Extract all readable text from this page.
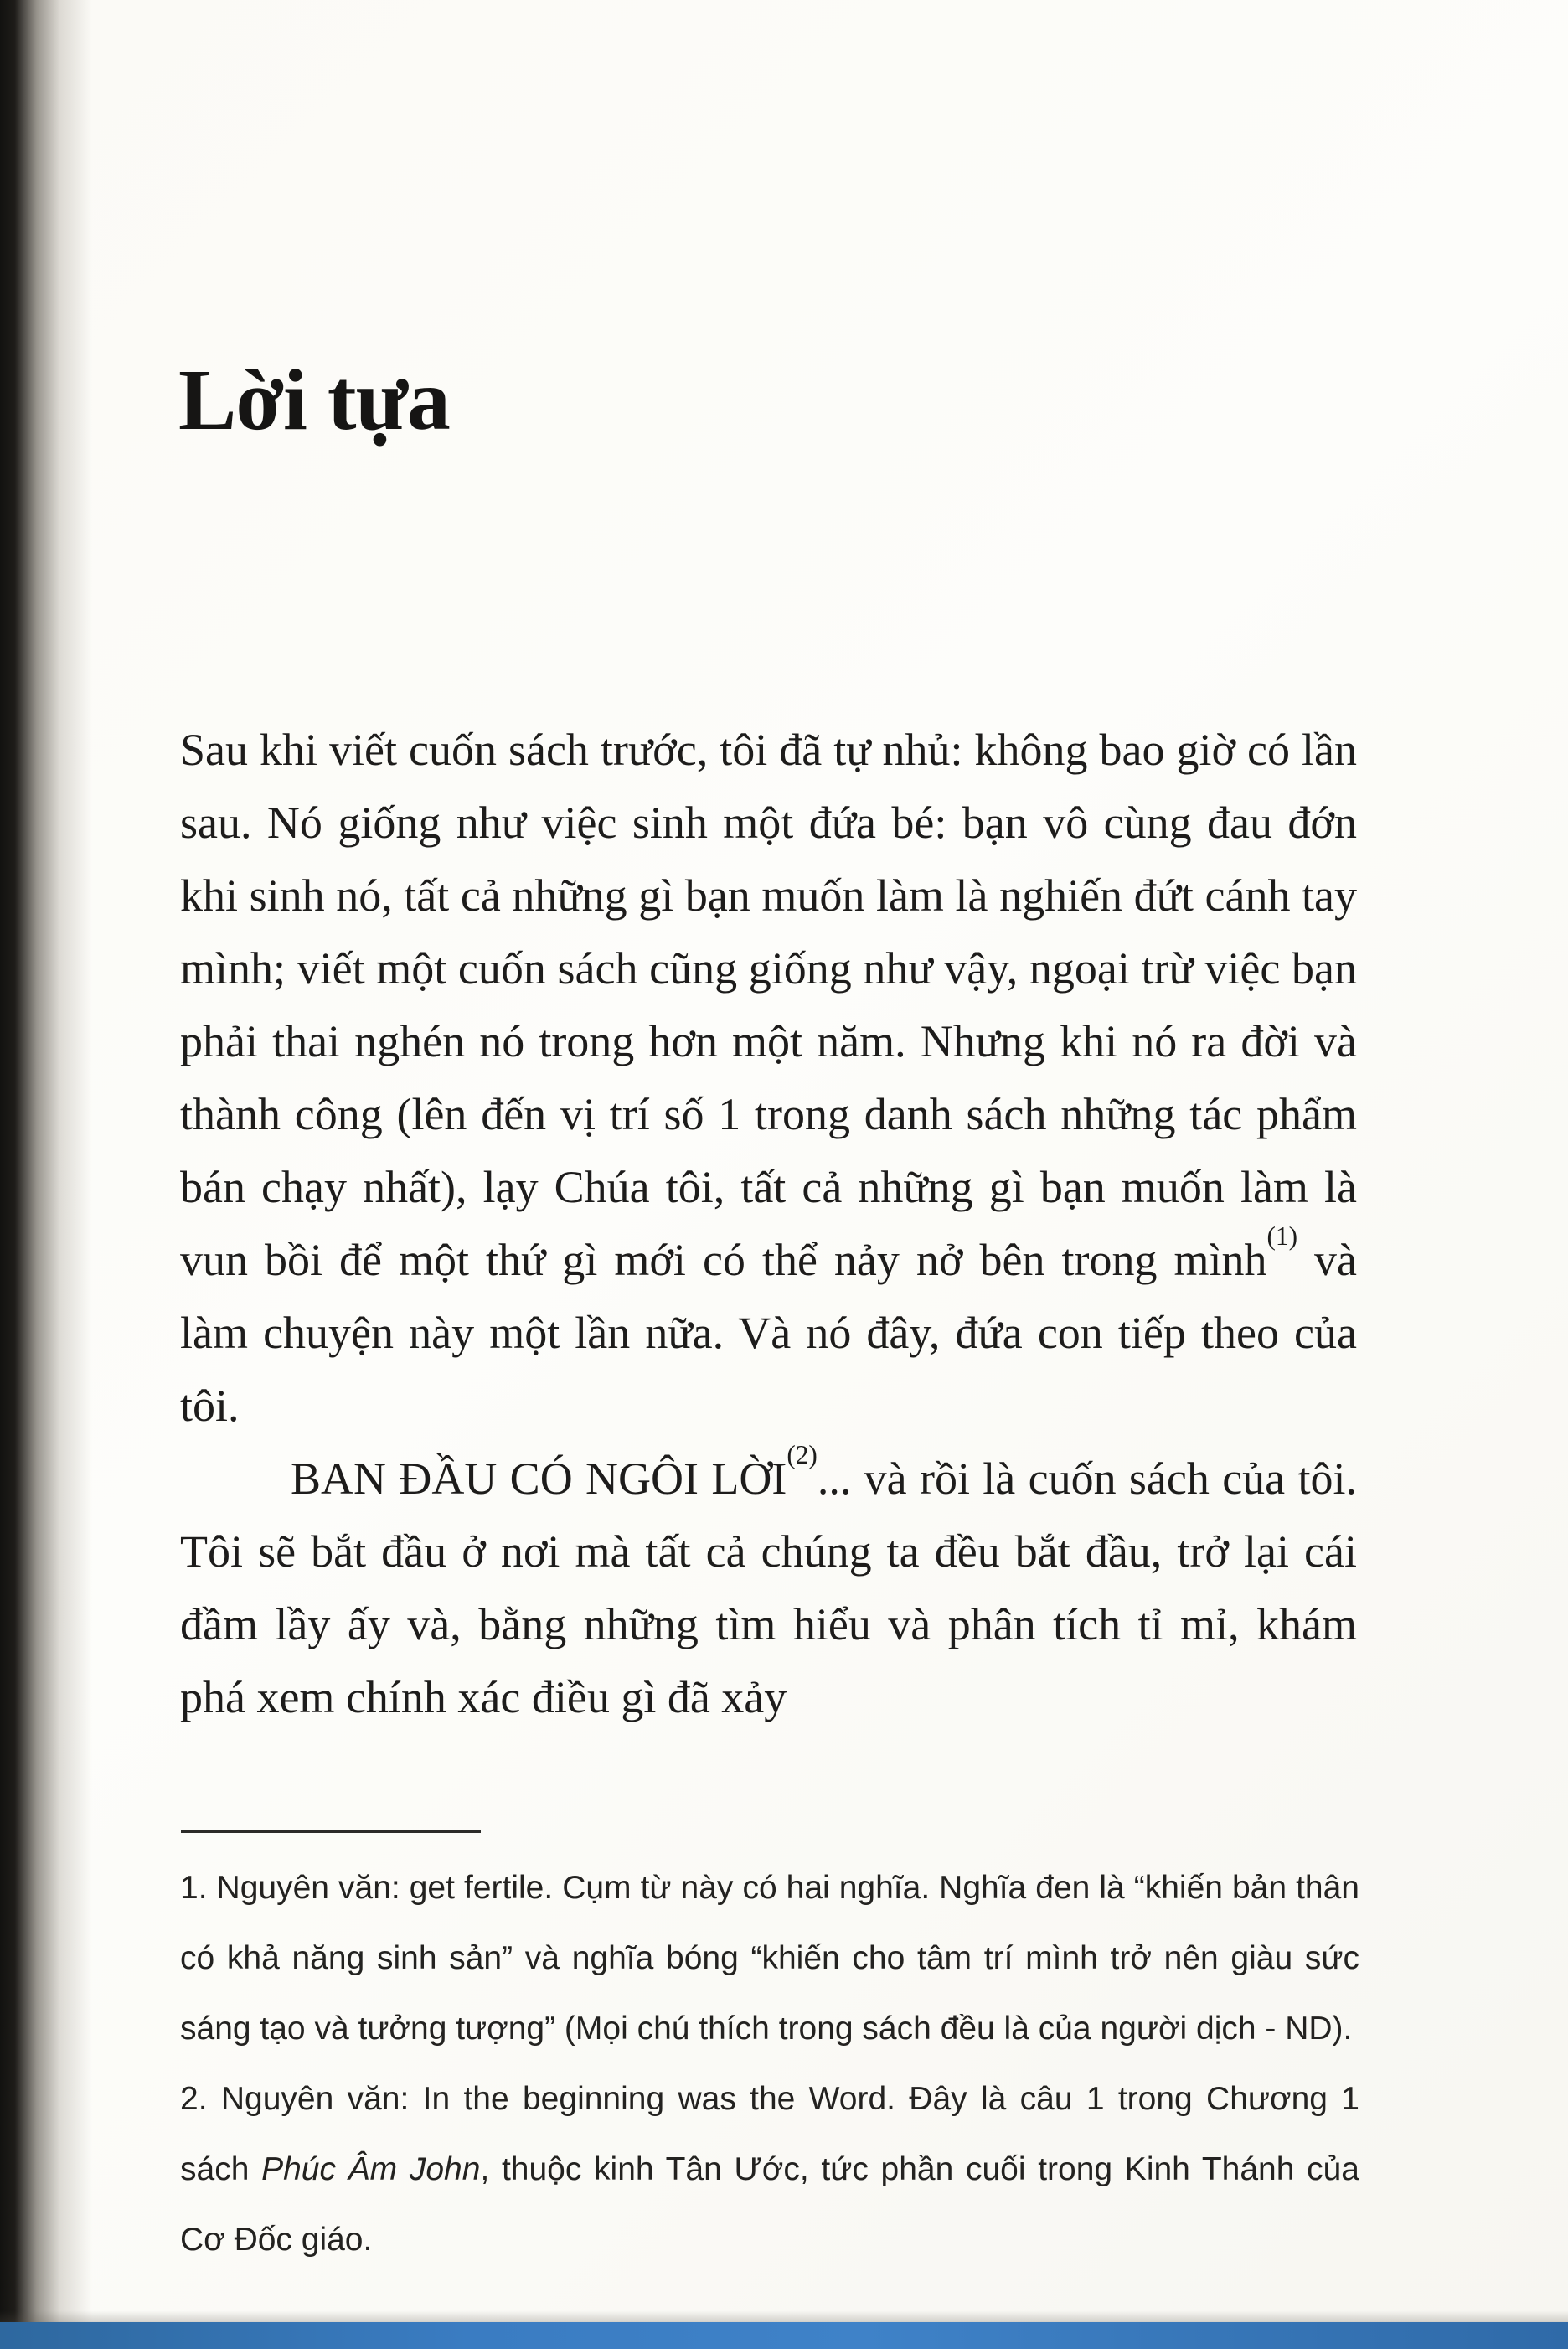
Lời tựa

Sau khi viết cuốn sách trước, tôi đã tự nhủ: không bao giờ có lần sau. Nó giống như việc sinh một đứa bé: bạn vô cùng đau đớn khi sinh nó, tất cả những gì bạn muốn làm là nghiến đứt cánh tay mình; viết một cuốn sách cũng giống như vậy, ngoại trừ việc bạn phải thai nghén nó trong hơn một năm. Nhưng khi nó ra đời và thành công (lên đến vị trí số 1 trong danh sách những tác phẩm bán chạy nhất), lạy Chúa tôi, tất cả những gì bạn muốn làm là vun bồi để một thứ gì mới có thể nảy nở bên trong mình$^{(1)}$ và làm chuyện này một lần nữa. Và nó đây, đứa con tiếp theo của tôi.

BAN ĐẦU CÓ NGÔI LỜI$^{(2)}$... và rồi là cuốn sách của tôi. Tôi sẽ bắt đầu ở nơi mà tất cả chúng ta đều bắt đầu, trở lại cái đầm lầy ấy và, bằng những tìm hiểu và phân tích tỉ mỉ, khám phá xem chính xác điều gì đã xảy

1. Nguyên văn: get fertile. Cụm từ này có hai nghĩa. Nghĩa đen là “khiến bản thân có khả năng sinh sản” và nghĩa bóng “khiến cho tâm trí mình trở nên giàu sức sáng tạo và tưởng tượng” (Mọi chú thích trong sách đều là của người dịch - ND).

2. Nguyên văn: In the beginning was the Word. Đây là câu 1 trong Chương 1 sách Phúc Âm John, thuộc kinh Tân Ước, tức phần cuối trong Kinh Thánh của Cơ Đốc giáo.
